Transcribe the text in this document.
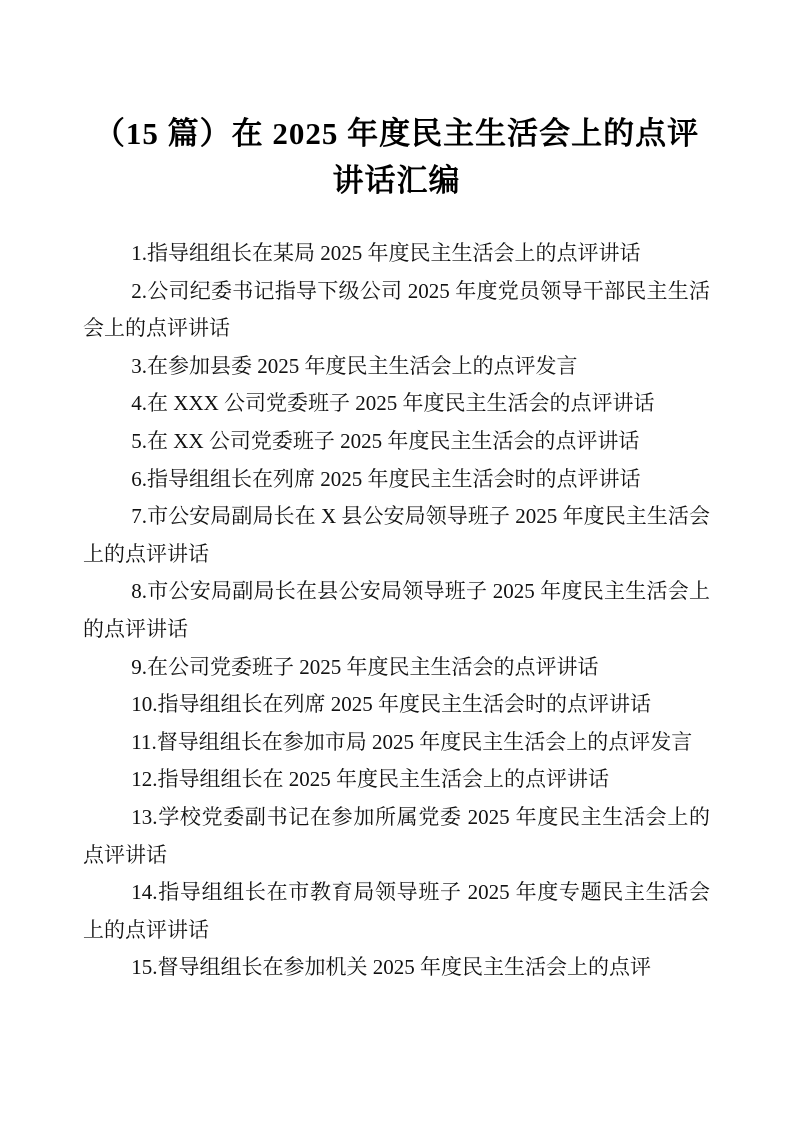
（15 篇）在 2025 年度民主生活会上的点评讲话汇编

1.指导组组长在某局 2025 年度民主生活会上的点评讲话

2.公司纪委书记指导下级公司 2025 年度党员领导干部民主生活会上的点评讲话

3.在参加县委 2025 年度民主生活会上的点评发言

4.在 XXX 公司党委班子 2025 年度民主生活会的点评讲话

5.在 XX 公司党委班子 2025 年度民主生活会的点评讲话

6.指导组组长在列席 2025 年度民主生活会时的点评讲话

7.市公安局副局长在 X 县公安局领导班子 2025 年度民主生活会上的点评讲话

8.市公安局副局长在县公安局领导班子 2025 年度民主生活会上的点评讲话

9.在公司党委班子 2025 年度民主生活会的点评讲话

10.指导组组长在列席 2025 年度民主生活会时的点评讲话

11.督导组组长在参加市局 2025 年度民主生活会上的点评发言

12.指导组组长在 2025 年度民主生活会上的点评讲话

13.学校党委副书记在参加所属党委 2025 年度民主生活会上的点评讲话

14.指导组组长在市教育局领导班子 2025 年度专题民主生活会上的点评讲话

15.督导组组长在参加机关 2025 年度民主生活会上的点评
